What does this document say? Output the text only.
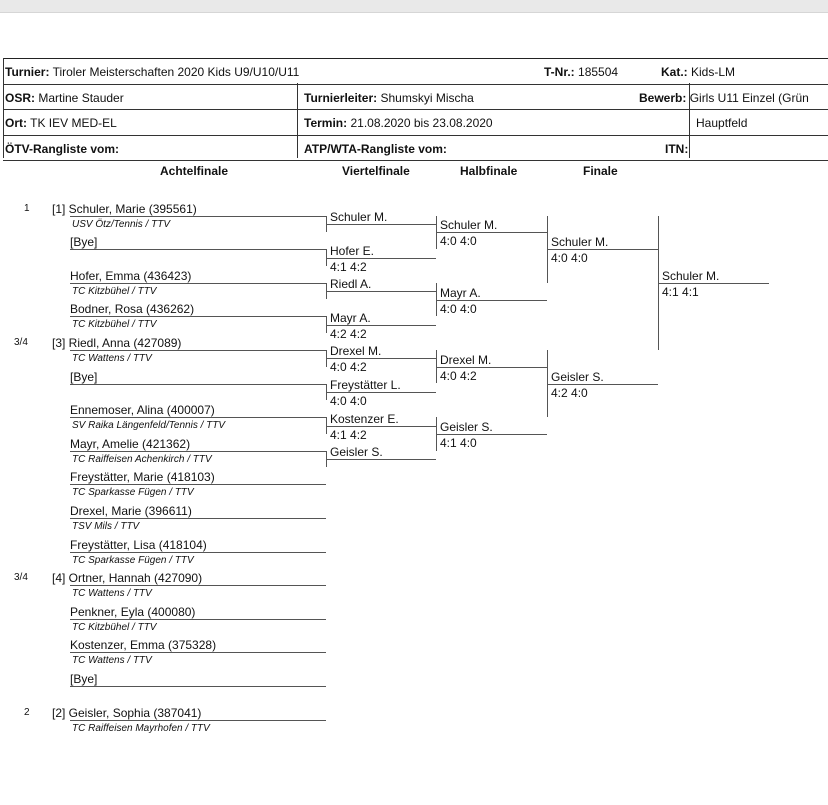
Turnier: Tiroler Meisterschaften 2020 Kids U9/U10/U11	T-Nr.: 185504	Kat.: Kids-LM
OSR: Martine Stauder	Turnierleiter: Shumskyi Mischa	Bewerb: Girls U11 Einzel (Grün
Ort: TK IEV MED-EL	Termin: 21.08.2020 bis 23.08.2020	Hauptfeld
ÖTV-Rangliste vom:	ATP/WTA-Rangliste vom:	ITN:
Achtelfinale	Viertelfinale	Halbfinale	Finale
1 [1] Schuler, Marie (395561)
USV Ötz/Tennis / TTV
[Bye]
Hofer, Emma (436423)
TC Kitzbühel / TTV
Bodner, Rosa (436262)
TC Kitzbühel / TTV
3/4 [3] Riedl, Anna (427089)
TC Wattens / TTV
[Bye]
Ennemoser, Alina (400007)
SV Raika Längenfeld/Tennis / TTV
Mayr, Amelie (421362)
TC Raiffeisen Achenkirch / TTV
Freystätter, Marie (418103)
TC Sparkasse Fügen / TTV
Drexel, Marie (396611)
TSV Mils / TTV
Freystätter, Lisa (418104)
TC Sparkasse Fügen / TTV
3/4 [4] Ortner, Hannah (427090)
TC Wattens / TTV
Penkner, Eyla (400080)
TC Kitzbühel / TTV
Kostenzer, Emma (375328)
TC Wattens / TTV
[Bye]
2 [2] Geisler, Sophia (387041)
TC Raiffeisen Mayrhofen / TTV
Schuler M.
Hofer E.
4:1 4:2
Riedl A.
Mayr A.
4:2 4:2
Drexel M.
4:0 4:2
Freystätter L.
4:0 4:0
Kostenzer E.
4:1 4:2
Geisler S.
Schuler M.
4:0 4:0
Mayr A.
4:0 4:0
Drexel M.
4:0 4:2
Geisler S.
4:1 4:0
Schuler M.
4:0 4:0
Geisler S.
4:2 4:0
Schuler M.
4:1 4:1
